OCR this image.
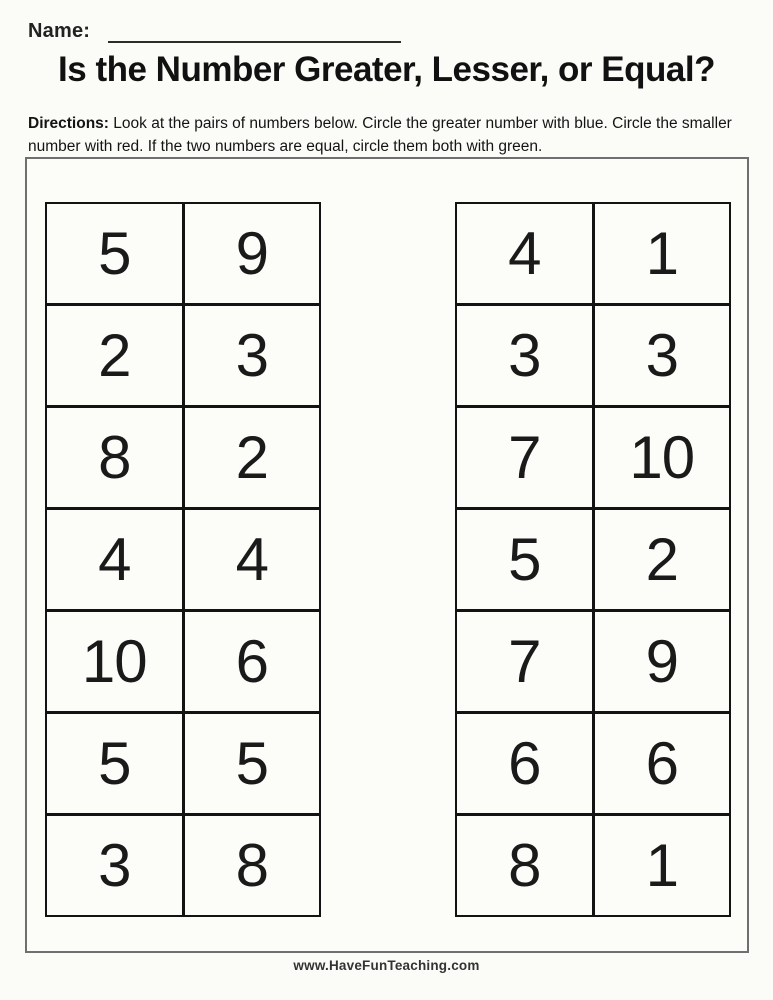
Name:
Is the Number Greater, Lesser, or Equal?
Directions: Look at the pairs of numbers below. Circle the greater number with blue. Circle the smaller number with red. If the two numbers are equal, circle them both with green.
5	9
2	3
8	2
4	4
10	6
5	5
3	8
4	1
3	3
7	10
5	2
7	9
6	6
8	1
www.HaveFunTeaching.com
